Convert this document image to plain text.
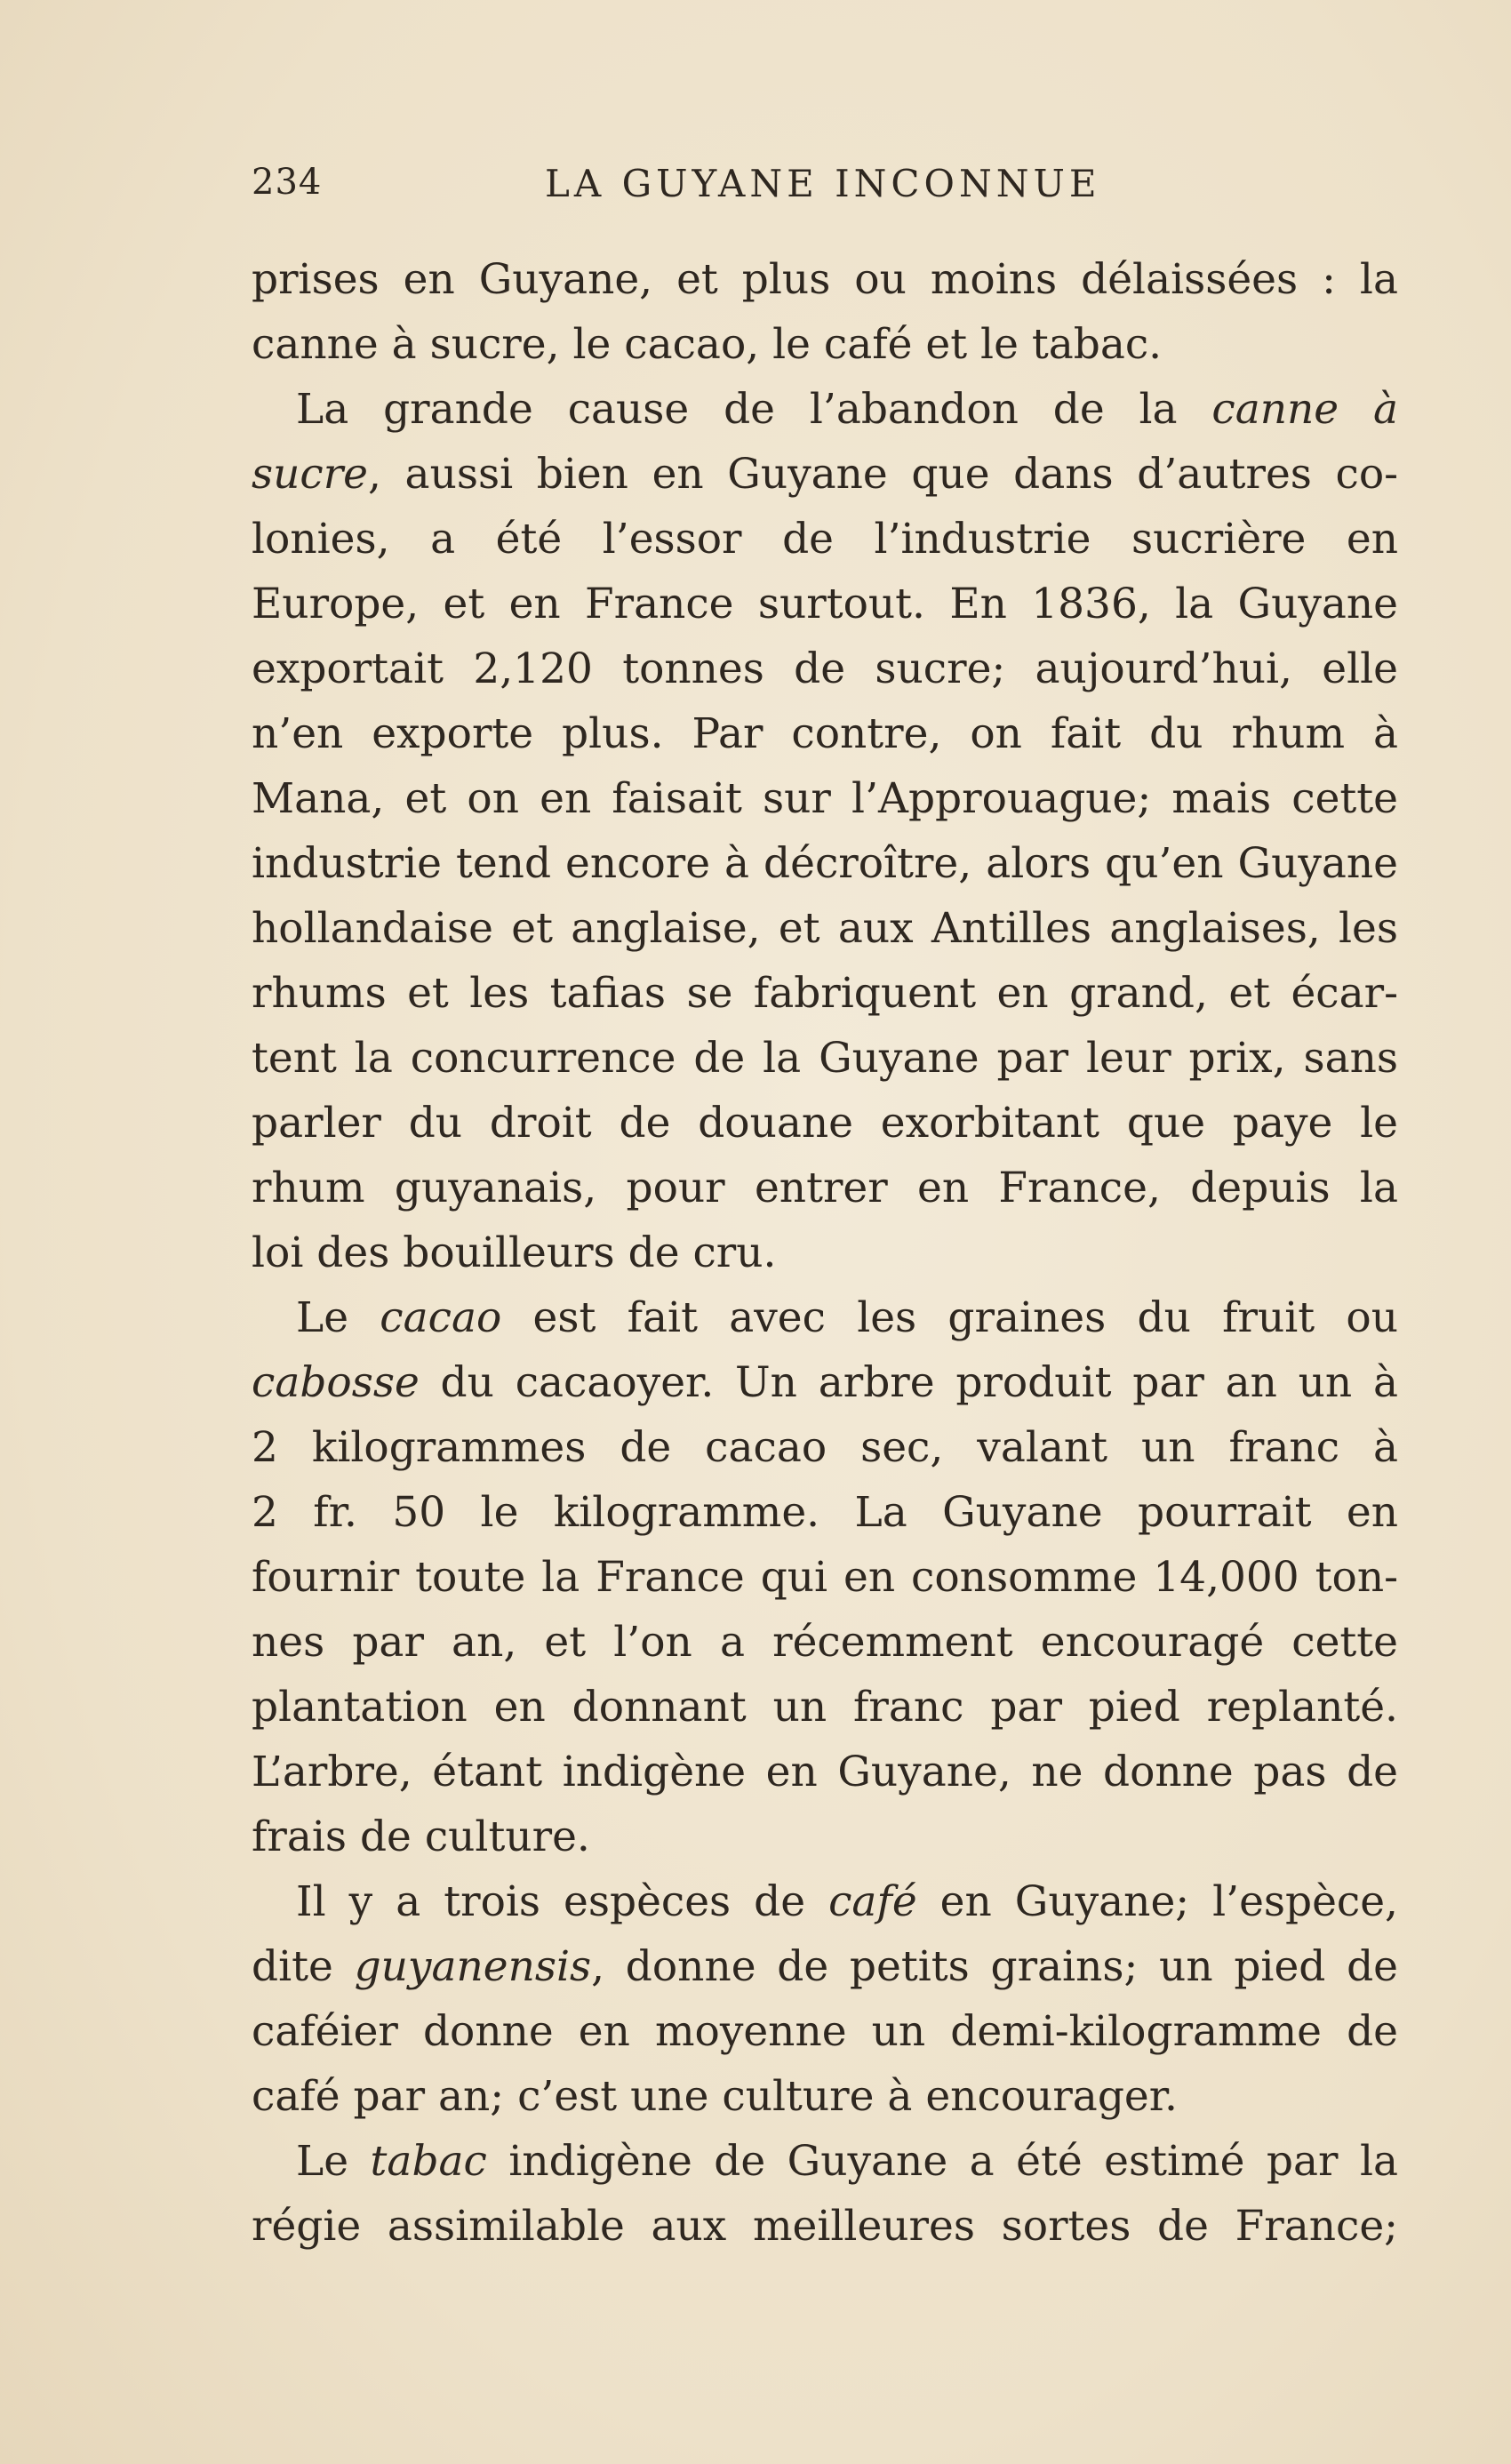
234	LA GUYANE INCONNUE
prises en Guyane, et plus ou moins délaissées : la
canne à sucre, le cacao, le café et le tabac.
La grande cause de l’abandon de la canne à
sucre, aussi bien en Guyane que dans d’autres co-
lonies, a été l’essor de l’industrie sucrière en
Europe, et en France surtout. En 1836, la Guyane
exportait 2,120 tonnes de sucre; aujourd’hui, elle
n’en exporte plus. Par contre, on fait du rhum à
Mana, et on en faisait sur l’Approuague; mais cette
industrie tend encore à décroître, alors qu’en Guyane
hollandaise et anglaise, et aux Antilles anglaises, les
rhums et les tafias se fabriquent en grand, et écar-
tent la concurrence de la Guyane par leur prix, sans
parler du droit de douane exorbitant que paye le
rhum guyanais, pour entrer en France, depuis la
loi des bouilleurs de cru.
Le cacao est fait avec les graines du fruit ou
cabosse du cacaoyer. Un arbre produit par an un à
2 kilogrammes de cacao sec, valant un franc à
2 fr. 50 le kilogramme. La Guyane pourrait en
fournir toute la France qui en consomme 14,000 ton-
nes par an, et l’on a récemment encouragé cette
plantation en donnant un franc par pied replanté.
L’arbre, étant indigène en Guyane, ne donne pas de
frais de culture.
Il y a trois espèces de café en Guyane; l’espèce,
dite guyanensis, donne de petits grains; un pied de
caféier donne en moyenne un demi-kilogramme de
café par an; c’est une culture à encourager.
Le tabac indigène de Guyane a été estimé par la
régie assimilable aux meilleures sortes de France;
